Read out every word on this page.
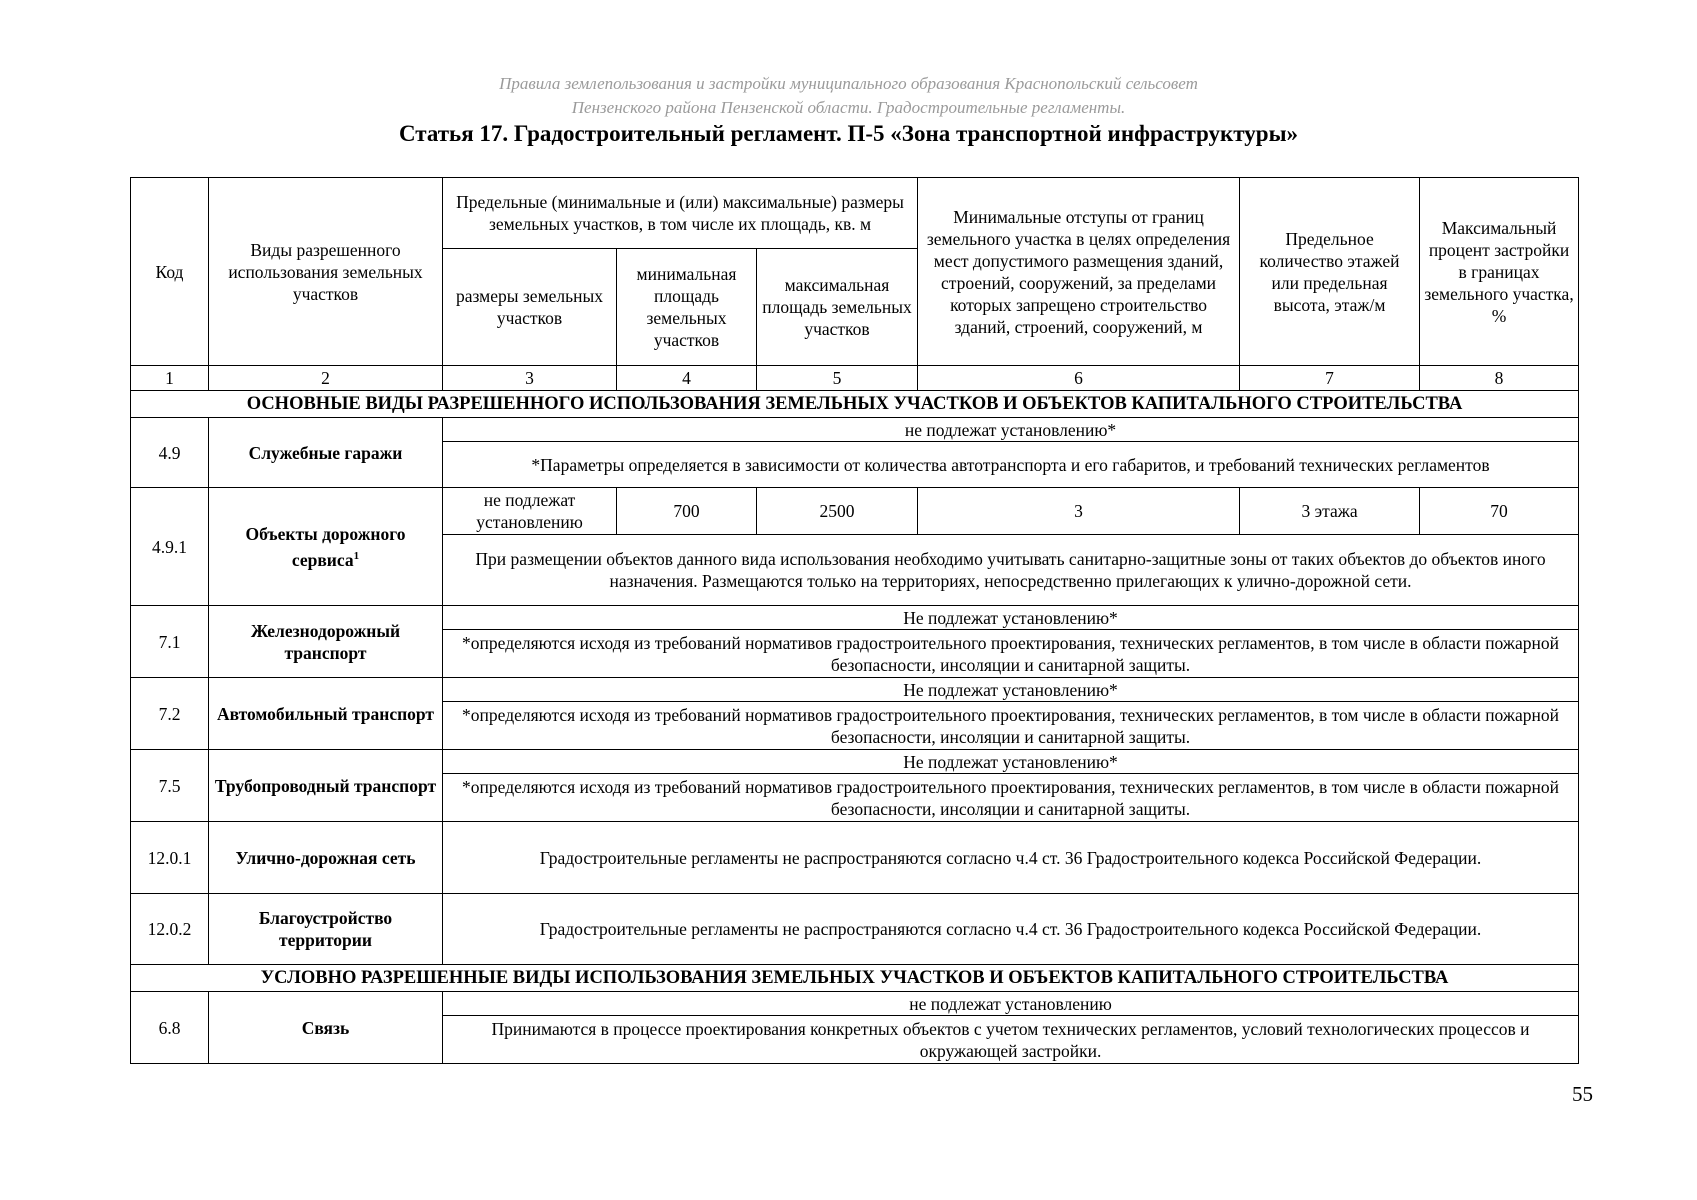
Правила землепользования и застройки муниципального образования Краснопольский сельсовет
Пензенского района Пензенской области. Градостроительные регламенты.
Статья 17. Градостроительный регламент. П-5 «Зона транспортной инфраструктуры»
Код	Виды разрешенного использования земельных участков	Предельные (минимальные и (или) максимальные) размеры земельных участков, в том числе их площадь, кв. м			Минимальные отступы от границ земельного участка в целях определения мест допустимого размещения зданий, строений, сооружений, за пределами которых запрещено строительство зданий, строений, сооружений, м	Предельное количество этажей или предельная высота, этаж/м	Максимальный процент застройки в границах земельного участка, %
		размеры земельных участков	минимальная площадь земельных участков	максимальная площадь земельных участков			
1	2	3	4	5	6	7	8
ОСНОВНЫЕ ВИДЫ РАЗРЕШЕННОГО ИСПОЛЬЗОВАНИЯ ЗЕМЕЛЬНЫХ УЧАСТКОВ И ОБЪЕКТОВ КАПИТАЛЬНОГО СТРОИТЕЛЬСТВА							
4.9	Служебные гаражи	не подлежат установлению*					
		*Параметры определяется в зависимости от количества автотранспорта и его габаритов, и требований технических регламентов					
4.9.1	Объекты дорожного сервиса$^1$	не подлежат установлению	700	2500	3	3 этажа	70
		При размещении объектов данного вида использования необходимо учитывать санитарно-защитные зоны от таких объектов до объектов иного назначения. Размещаются только на территориях, непосредственно прилегающих к улично-дорожной сети.					
7.1	Железнодорожный транспорт	Не подлежат установлению*					
		*определяются исходя из требований нормативов градостроительного проектирования, технических регламентов, в том числе в области пожарной безопасности, инсоляции и санитарной защиты.					
7.2	Автомобильный транспорт	Не подлежат установлению*					
		*определяются исходя из требований нормативов градостроительного проектирования, технических регламентов, в том числе в области пожарной безопасности, инсоляции и санитарной защиты.					
7.5	Трубопроводный транспорт	Не подлежат установлению*					
		*определяются исходя из требований нормативов градостроительного проектирования, технических регламентов, в том числе в области пожарной безопасности, инсоляции и санитарной защиты.					
12.0.1	Улично-дорожная сеть	Градостроительные регламенты не распространяются согласно ч.4 ст. 36 Градостроительного кодекса Российской Федерации.					
12.0.2	Благоустройство территории	Градостроительные регламенты не распространяются согласно ч.4 ст. 36 Градостроительного кодекса Российской Федерации.					
УСЛОВНО РАЗРЕШЕННЫЕ ВИДЫ ИСПОЛЬЗОВАНИЯ ЗЕМЕЛЬНЫХ УЧАСТКОВ И ОБЪЕКТОВ КАПИТАЛЬНОГО СТРОИТЕЛЬСТВА							
6.8	Связь	не подлежат установлению					
		Принимаются в процессе проектирования конкретных объектов с учетом технических регламентов, условий технологических процессов и окружающей застройки.					
55
